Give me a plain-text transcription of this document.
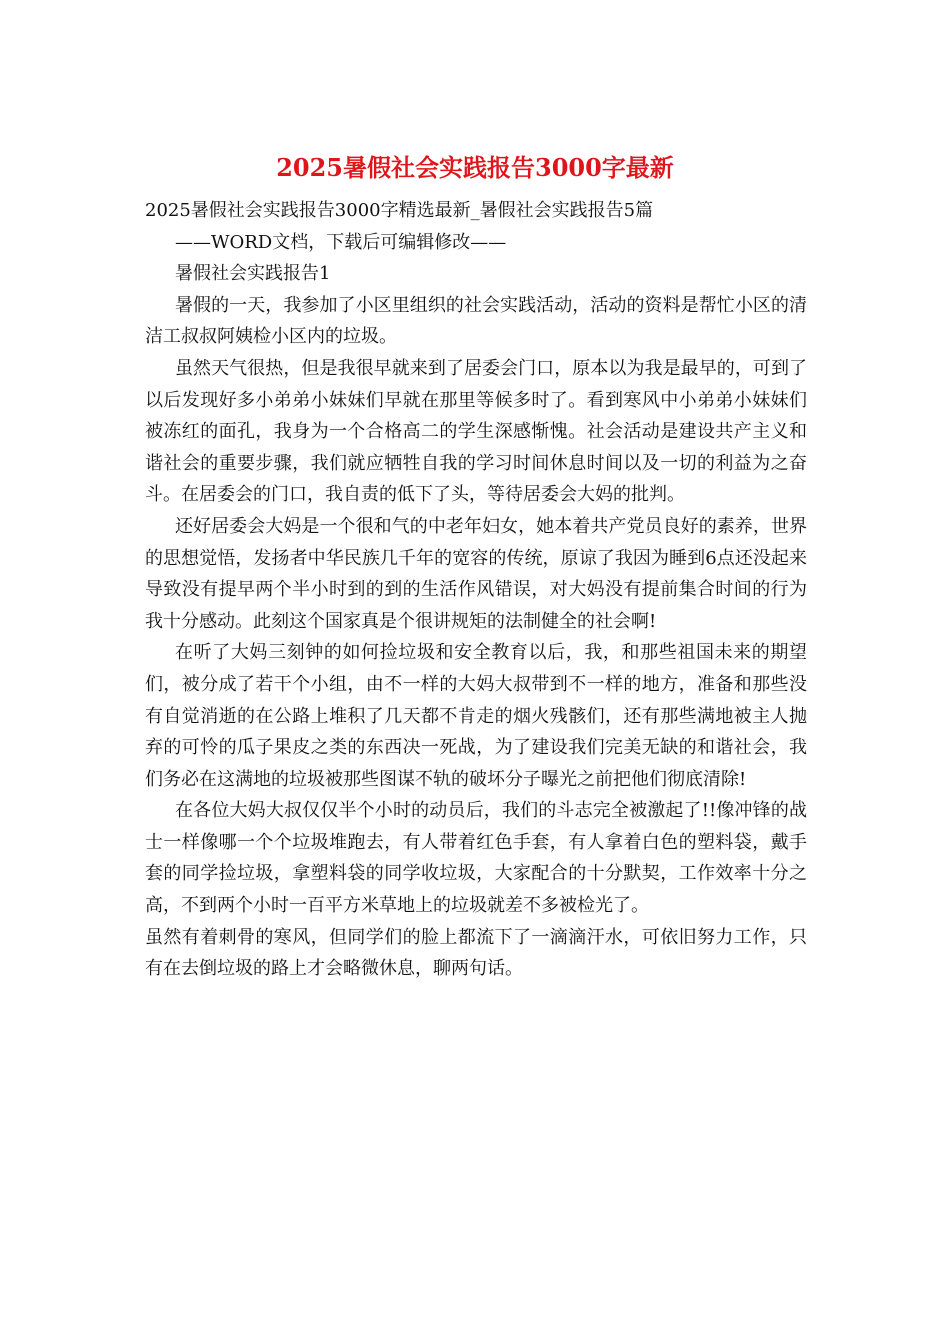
2025暑假社会实践报告3000字最新

2025暑假社会实践报告3000字精选最新_暑假社会实践报告5篇

——WORD文档，下载后可编辑修改——

暑假社会实践报告1

暑假的一天，我参加了小区里组织的社会实践活动，活动的资料是帮忙小区的清洁工叔叔阿姨检小区内的垃圾。

虽然天气很热，但是我很早就来到了居委会门口，原本以为我是最早的，可到了以后发现好多小弟弟小妹妹们早就在那里等候多时了。看到寒风中小弟弟小妹妹们被冻红的面孔，我身为一个合格高二的学生深感惭愧。社会活动是建设共产主义和谐社会的重要步骤，我们就应牺牲自我的学习时间休息时间以及一切的利益为之奋斗。在居委会的门口，我自责的低下了头，等待居委会大妈的批判。

还好居委会大妈是一个很和气的中老年妇女，她本着共产党员良好的素养，世界的思想觉悟，发扬者中华民族几千年的宽容的传统，原谅了我因为睡到6点还没起来导致没有提早两个半小时到的到的生活作风错误，对大妈没有提前集合时间的行为我十分感动。此刻这个国家真是个很讲规矩的法制健全的社会啊!

在听了大妈三刻钟的如何捡垃圾和安全教育以后，我，和那些祖国未来的期望们，被分成了若干个小组，由不一样的大妈大叔带到不一样的地方，准备和那些没有自觉消逝的在公路上堆积了几天都不肯走的烟火残骸们，还有那些满地被主人抛弃的可怜的瓜子果皮之类的东西决一死战，为了建设我们完美无缺的和谐社会，我们务必在这满地的垃圾被那些图谋不轨的破坏分子曝光之前把他们彻底清除!

在各位大妈大叔仅仅半个小时的动员后，我们的斗志完全被激起了!!像冲锋的战士一样像哪一个个垃圾堆跑去，有人带着红色手套，有人拿着白色的塑料袋，戴手套的同学捡垃圾，拿塑料袋的同学收垃圾，大家配合的十分默契，工作效率十分之高，不到两个小时一百平方米草地上的垃圾就差不多被检光了。

虽然有着刺骨的寒风，但同学们的脸上都流下了一滴滴汗水，可依旧努力工作，只有在去倒垃圾的路上才会略微休息，聊两句话。
